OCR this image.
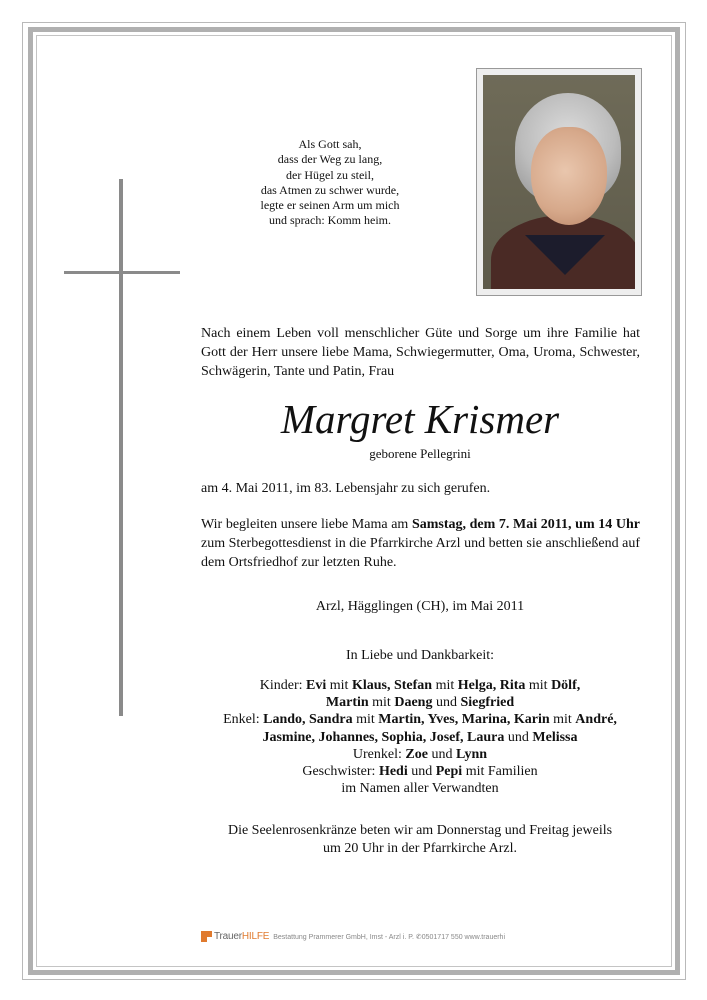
Als Gott sah,
dass der Weg zu lang,
der Hügel zu steil,
das Atmen zu schwer wurde,
legte er seinen Arm um mich
und sprach: Komm heim.

Nach einem Leben voll menschlicher Güte und Sorge um ihre Familie hat Gott der Herr unsere liebe Mama, Schwiegermutter, Oma, Uroma, Schwester, Schwägerin, Tante und Patin, Frau

Margret Krismer
geborene Pellegrini

am 4. Mai 2011, im 83. Lebensjahr zu sich gerufen.

Wir begleiten unsere liebe Mama am Samstag, dem 7. Mai 2011, um 14 Uhr zum Sterbegottesdienst in die Pfarrkirche Arzl und betten sie anschließend auf dem Ortsfriedhof zur letzten Ruhe.

Arzl, Hägglingen (CH), im Mai 2011
In Liebe und Dankbarkeit:
Kinder: Evi mit Klaus, Stefan mit Helga, Rita mit Dölf,
Martin mit Daeng und Siegfried
Enkel: Lando, Sandra mit Martin, Yves, Marina, Karin mit André,
Jasmine, Johannes, Sophia, Josef, Laura und Melissa
Urenkel: Zoe und Lynn
Geschwister: Hedi und Pepi mit Familien
im Namen aller Verwandten
Die Seelenrosenkränze beten wir am Donnerstag und Freitag jeweils
um 20 Uhr in der Pfarrkirche Arzl.
TrauerHILFE Bestattung Prammerer GmbH, Imst - Arzl i. P. ✆0501717 550 www.trauerhi
